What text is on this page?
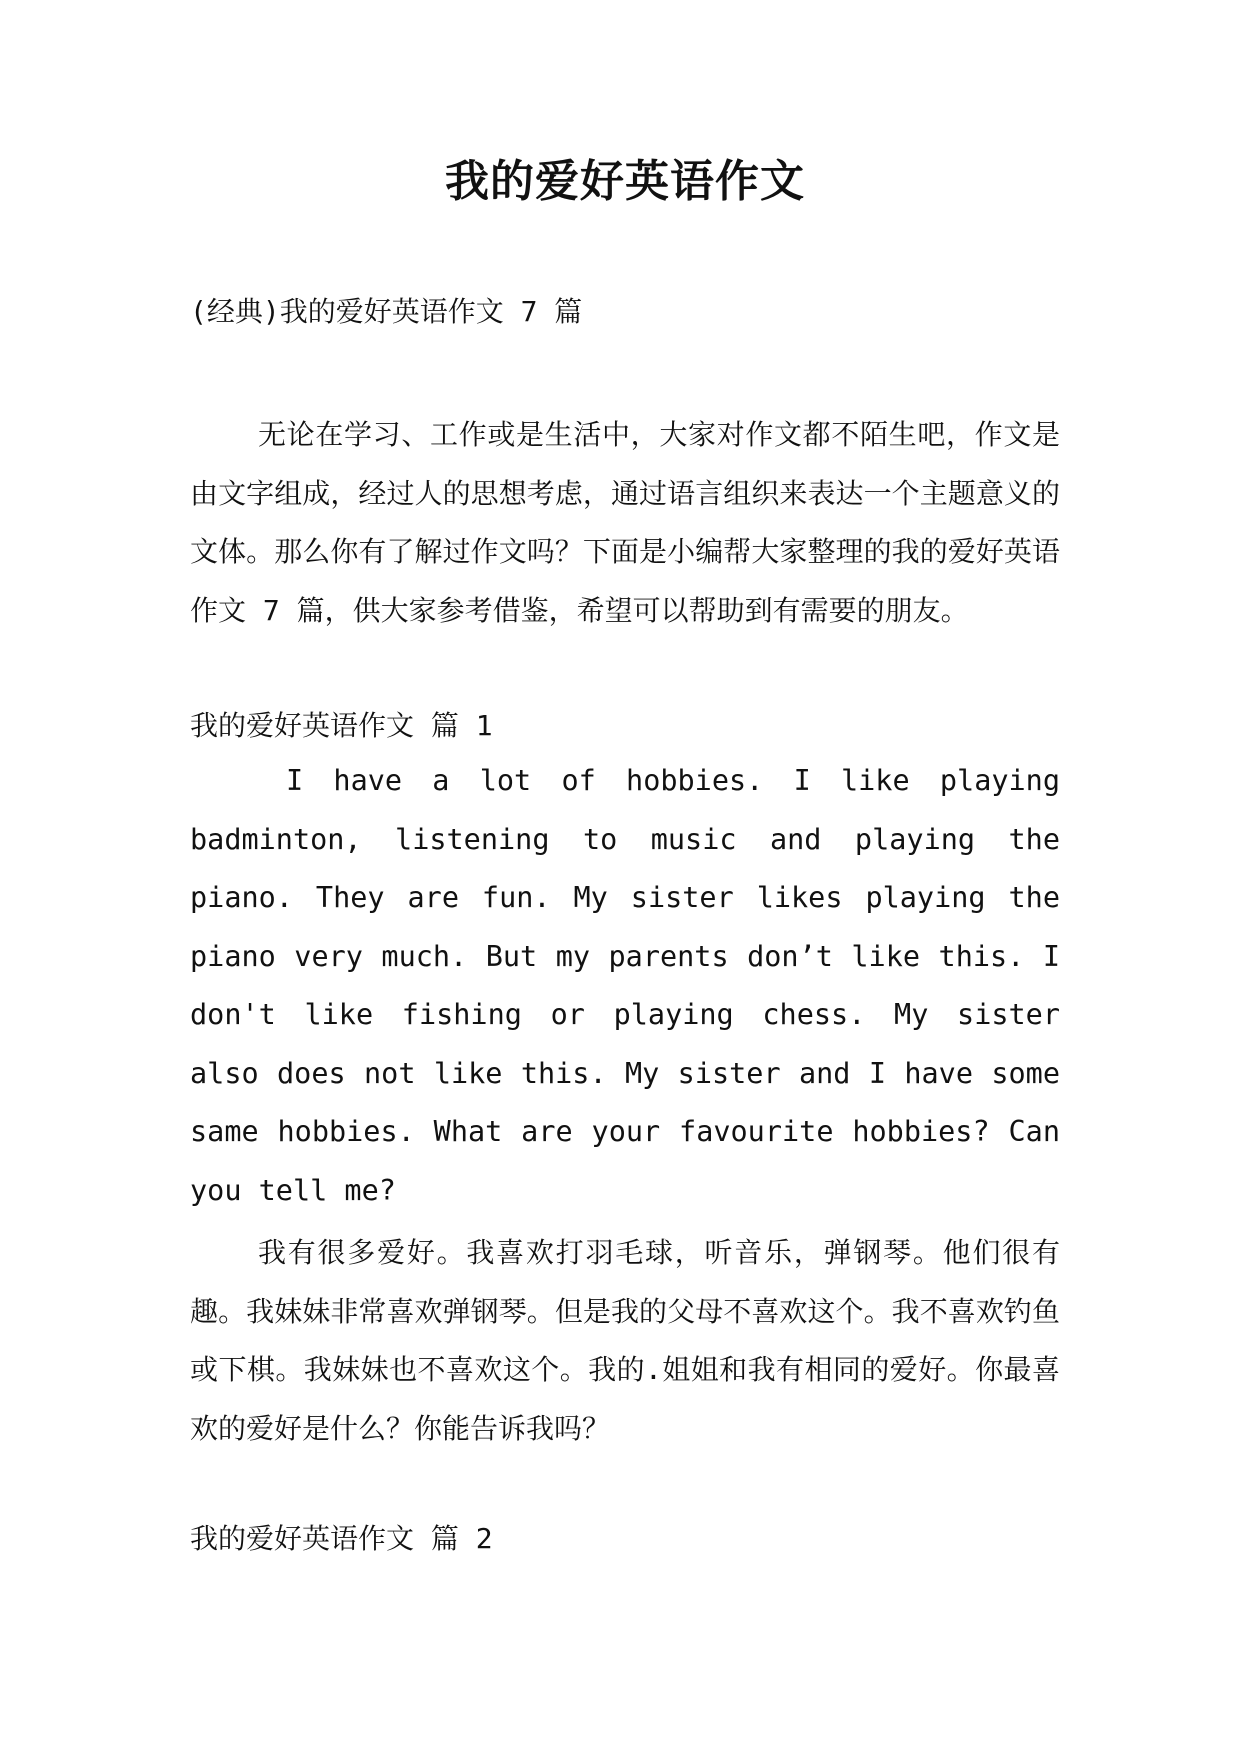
我的爱好英语作文

(经典)我的爱好英语作文 7 篇

无论在学习、工作或是生活中，大家对作文都不陌生吧，作文是由文字组成，经过人的思想考虑，通过语言组织来表达一个主题意义的文体。那么你有了解过作文吗？下面是小编帮大家整理的我的爱好英语作文 7 篇，供大家参考借鉴，希望可以帮助到有需要的朋友。

我的爱好英语作文 篇 1

I have a lot of hobbies. I like playing badminton, listening to music and playing the piano. They are fun. My sister likes playing the piano very much. But my parents don’t like this. I don't like fishing or playing chess. My sister also does not like this. My sister and I have some same hobbies. What are your favourite hobbies? Can you tell me?

我有很多爱好。我喜欢打羽毛球，听音乐，弹钢琴。他们很有趣。我妹妹非常喜欢弹钢琴。但是我的父母不喜欢这个。我不喜欢钓鱼或下棋。我妹妹也不喜欢这个。我的.姐姐和我有相同的爱好。你最喜欢的爱好是什么？你能告诉我吗？

我的爱好英语作文 篇 2
